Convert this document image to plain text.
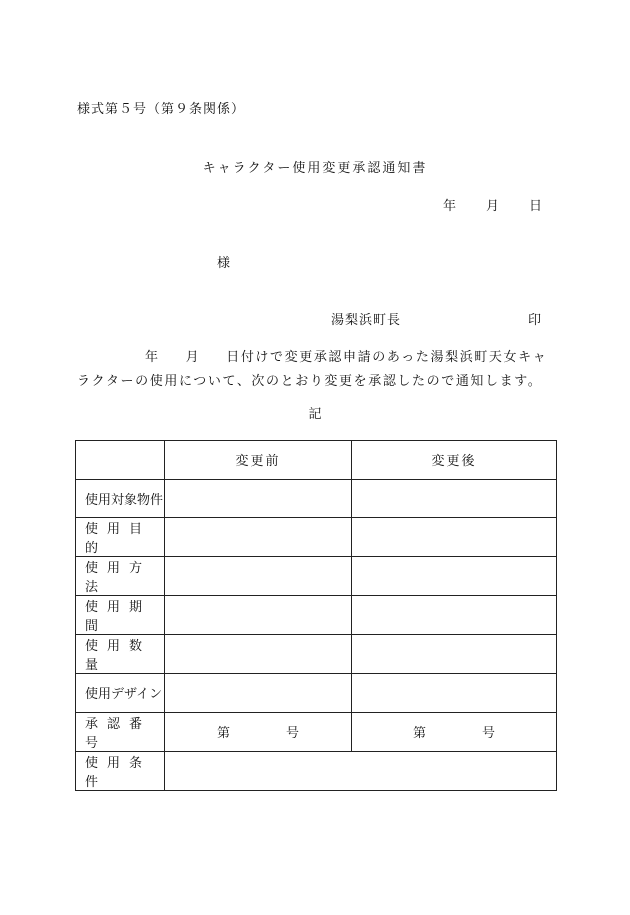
様式第５号（第９条関係）
キャラクター使用変更承認通知書
年 月 日
様
湯梨浜町長	印
年 月 日付けで変更承認申請のあった湯梨浜町天女キャラクターの使用について、次のとおり変更を承認したので通知します。
記
	変更前	変更後
使用対象物件		
使用目的		
使用方法		
使用期間		
使用数量		
使用デザイン		
承認番号	第 号	第 号
使用条件		
